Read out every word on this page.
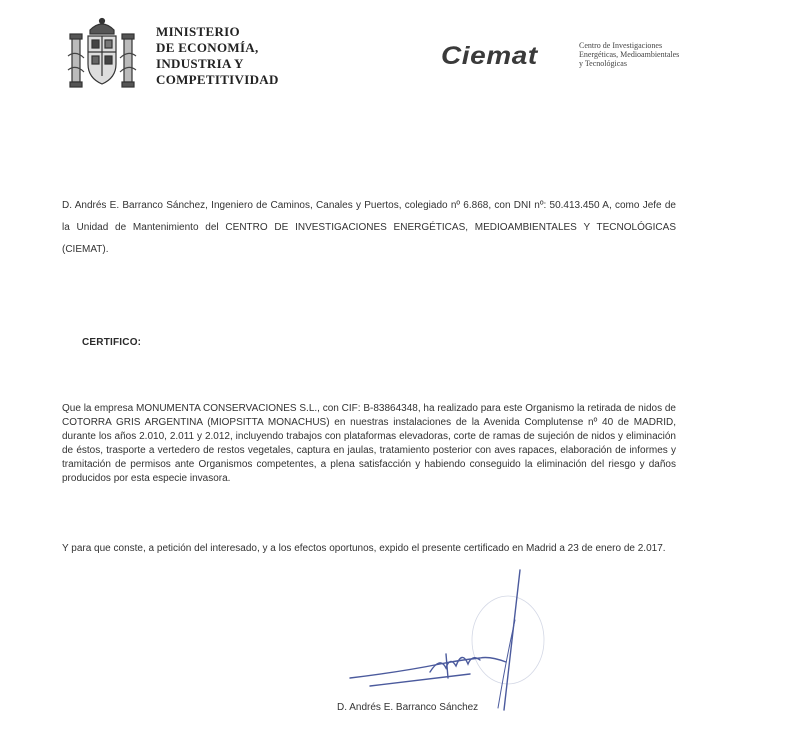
MINISTERIO
DE ECONOMÍA,
INDUSTRIA Y
COMPETITIVIDAD
Ciemat	Centro de Investigaciones
Energéticas, Medioambientales
y Tecnológicas

D. Andrés E. Barranco Sánchez, Ingeniero de Caminos, Canales y Puertos, colegiado nº 6.868, con DNI nº: 50.413.450 A, como Jefe de la Unidad de Mantenimiento del CENTRO DE INVESTIGACIONES ENERGÉTICAS, MEDIOAMBIENTALES Y TECNOLÓGICAS (CIEMAT).

CERTIFICO:

Que la empresa MONUMENTA CONSERVACIONES S.L., con CIF: B-83864348, ha realizado para este Organismo la retirada de nidos de COTORRA GRIS ARGENTINA (MIOPSITTA MONACHUS) en nuestras instalaciones de la Avenida Complutense nº 40 de MADRID, durante los años 2.010, 2.011 y 2.012, incluyendo trabajos con plataformas elevadoras, corte de ramas de sujeción de nidos y eliminación de éstos, trasporte a vertedero de restos vegetales, captura en jaulas, tratamiento posterior con aves rapaces, elaboración de informes y tramitación de permisos ante Organismos competentes, a plena satisfacción y habiendo conseguido la eliminación del riesgo y daños producidos por esta especie invasora.

Y para que conste, a petición del interesado, y a los efectos oportunos, expido el presente certificado en Madrid a 23 de enero de 2.017.

D. Andrés E. Barranco Sánchez
